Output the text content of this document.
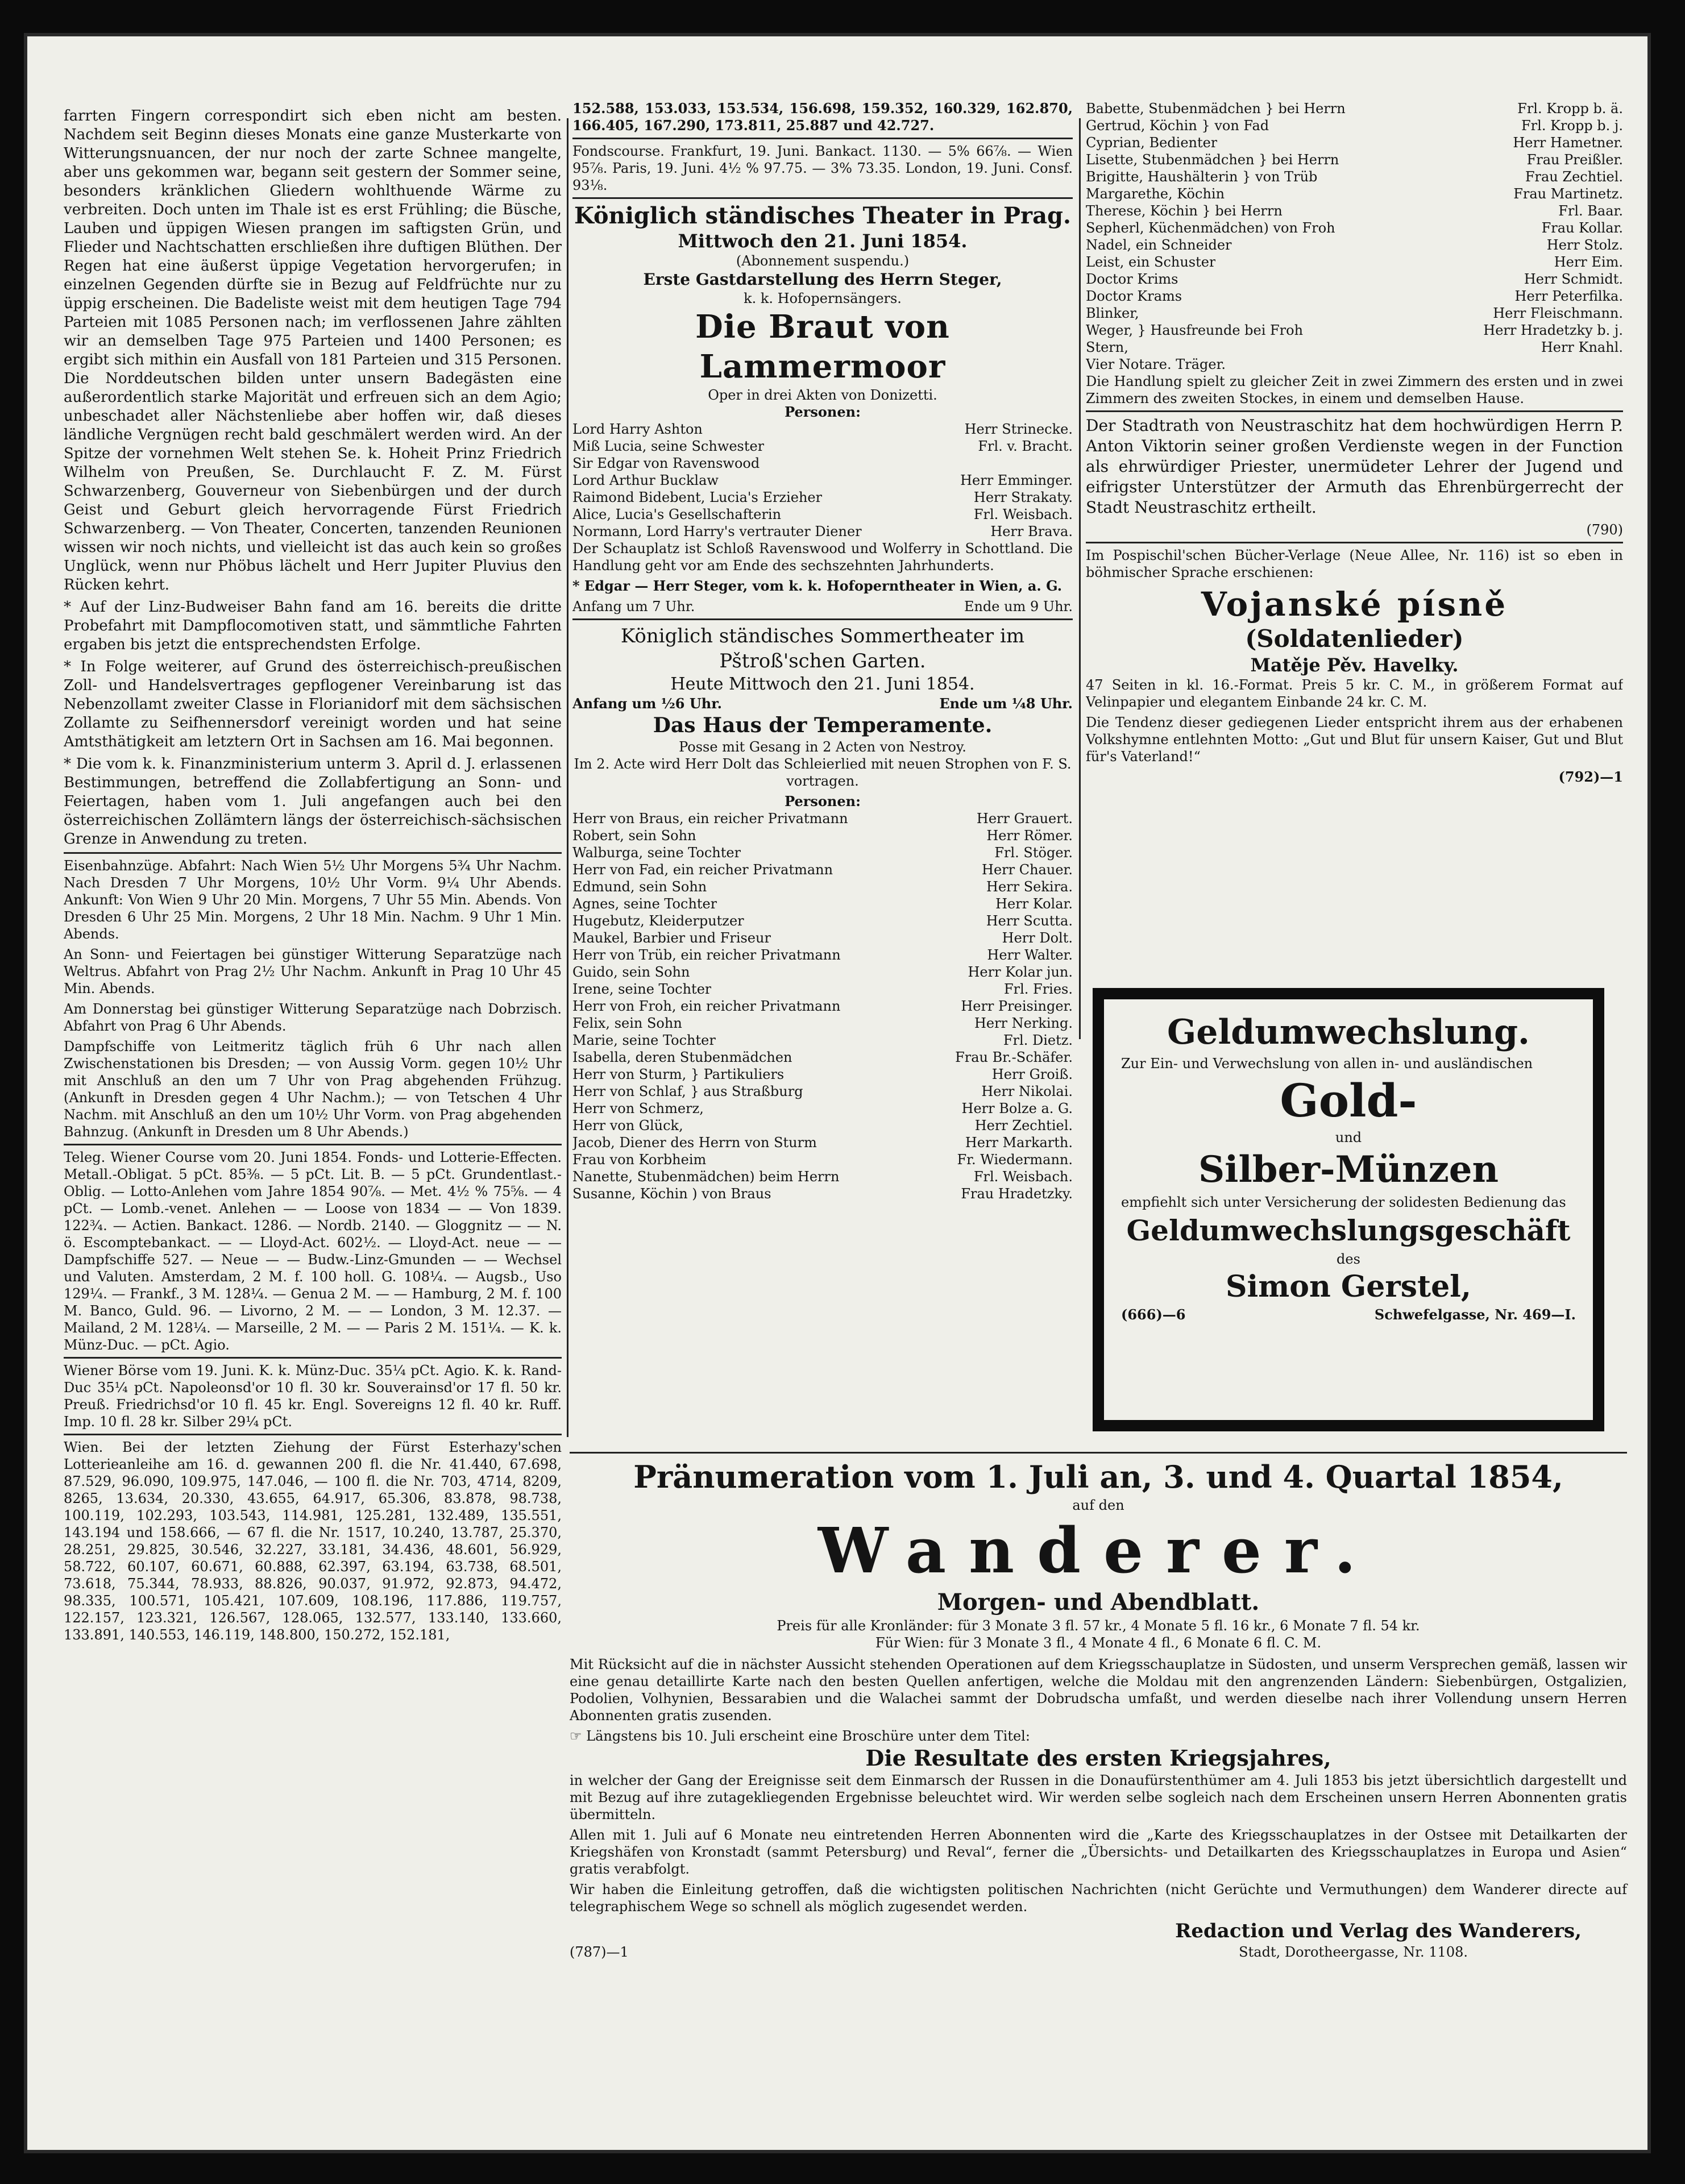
farrten Fingern correspondirt sich eben nicht am besten. Nachdem seit Beginn dieses Monats eine ganze Musterkarte von Witterungsnuancen, der nur noch der zarte Schnee mangelte, aber uns gekommen war, begann seit gestern der Sommer seine, besonders kränklichen Gliedern wohlthuende Wärme zu verbreiten. Doch unten im Thale ist es erst Frühling; die Büsche, Lauben und üppigen Wiesen prangen im saftigsten Grün, und Flieder und Nachtschatten erschließen ihre duftigen Blüthen. Der Regen hat eine äußerst üppige Vegetation hervorgerufen; in einzelnen Gegenden dürfte sie in Bezug auf Feldfrüchte nur zu üppig erscheinen. Die Badeliste weist mit dem heutigen Tage 794 Parteien mit 1085 Personen nach; im verflossenen Jahre zählten wir an demselben Tage 975 Parteien und 1400 Personen; es ergibt sich mithin ein Ausfall von 181 Parteien und 315 Personen. Die Norddeutschen bilden unter unsern Badegästen eine außerordentlich starke Majorität und erfreuen sich an dem Agio; unbeschadet aller Nächstenliebe aber hoffen wir, daß dieses ländliche Vergnügen recht bald geschmälert werden wird. An der Spitze der vornehmen Welt stehen Se. k. Hoheit Prinz Friedrich Wilhelm von Preußen, Se. Durchlaucht F. Z. M. Fürst Schwarzenberg, Gouverneur von Siebenbürgen und der durch Geist und Geburt gleich hervorragende Fürst Friedrich Schwarzenberg. — Von Theater, Concerten, tanzenden Reunionen wissen wir noch nichts, und vielleicht ist das auch kein so großes Unglück, wenn nur Phöbus lächelt und Herr Jupiter Pluvius den Rücken kehrt.

* Auf der Linz-Budweiser Bahn fand am 16. bereits die dritte Probefahrt mit Dampflocomotiven statt, und sämmtliche Fahrten ergaben bis jetzt die entsprechendsten Erfolge.

* In Folge weiterer, auf Grund des österreichisch-preußischen Zoll- und Handelsvertrages gepflogener Vereinbarung ist das Nebenzollamt zweiter Classe in Florianidorf mit dem sächsischen Zollamte zu Seifhennersdorf vereinigt worden und hat seine Amtsthätigkeit am letztern Ort in Sachsen am 16. Mai begonnen.

* Die vom k. k. Finanzministerium unterm 3. April d. J. erlassenen Bestimmungen, betreffend die Zollabfertigung an Sonn- und Feiertagen, haben vom 1. Juli angefangen auch bei den österreichischen Zollämtern längs der österreichisch-sächsischen Grenze in Anwendung zu treten.

Eisenbahnzüge. Abfahrt: Nach Wien 5½ Uhr Morgens 5¾ Uhr Nachm. Nach Dresden 7 Uhr Morgens, 10½ Uhr Vorm. 9¼ Uhr Abends. Ankunft: Von Wien 9 Uhr 20 Min. Morgens, 7 Uhr 55 Min. Abends. Von Dresden 6 Uhr 25 Min. Morgens, 2 Uhr 18 Min. Nachm. 9 Uhr 1 Min. Abends.

An Sonn- und Feiertagen bei günstiger Witterung Separatzüge nach Weltrus. Abfahrt von Prag 2½ Uhr Nachm. Ankunft in Prag 10 Uhr 45 Min. Abends.

Am Donnerstag bei günstiger Witterung Separatzüge nach Dobrzisch. Abfahrt von Prag 6 Uhr Abends.

Dampfschiffe von Leitmeritz täglich früh 6 Uhr nach allen Zwischenstationen bis Dresden; — von Aussig Vorm. gegen 10½ Uhr mit Anschluß an den um 7 Uhr von Prag abgehenden Frühzug. (Ankunft in Dresden gegen 4 Uhr Nachm.); — von Tetschen 4 Uhr Nachm. mit Anschluß an den um 10½ Uhr Vorm. von Prag abgehenden Bahnzug. (Ankunft in Dresden um 8 Uhr Abends.)

Teleg. Wiener Course vom 20. Juni 1854. Fonds- und Lotterie-Effecten. Metall.-Obligat. 5 pCt. 85⅜. — 5 pCt. Lit. B. — 5 pCt. Grundentlast.-Oblig. — Lotto-Anlehen vom Jahre 1854 90⅞. — Met. 4½ % 75⅝. — 4 pCt. — Lomb.-venet. Anlehen — — Loose von 1834 — — Von 1839. 122¾. — Actien. Bankact. 1286. — Nordb. 2140. — Gloggnitz — — N. ö. Escomptebankact. — — Lloyd-Act. 602½. — Lloyd-Act. neue — — Dampfschiffe 527. — Neue — — Budw.-Linz-Gmunden — — Wechsel und Valuten. Amsterdam, 2 M. f. 100 holl. G. 108¼. — Augsb., Uso 129¼. — Frankf., 3 M. 128¼. — Genua 2 M. — — Hamburg, 2 M. f. 100 M. Banco, Guld. 96. — Livorno, 2 M. — — London, 3 M. 12.37. — Mailand, 2 M. 128¼. — Marseille, 2 M. — — Paris 2 M. 151¼. — K. k. Münz-Duc. — pCt. Agio.

Wiener Börse vom 19. Juni. K. k. Münz-Duc. 35¼ pCt. Agio. K. k. Rand-Duc 35¼ pCt. Napoleonsd'or 10 fl. 30 kr. Souverainsd'or 17 fl. 50 kr. Preuß. Friedrichsd'or 10 fl. 45 kr. Engl. Sovereigns 12 fl. 40 kr. Ruff. Imp. 10 fl. 28 kr. Silber 29¼ pCt.

Wien. Bei der letzten Ziehung der Fürst Esterhazy'schen Lotterieanleihe am 16. d. gewannen 200 fl. die Nr. 41.440, 67.698, 87.529, 96.090, 109.975, 147.046, — 100 fl. die Nr. 703, 4714, 8209, 8265, 13.634, 20.330, 43.655, 64.917, 65.306, 83.878, 98.738, 100.119, 102.293, 103.543, 114.981, 125.281, 132.489, 135.551, 143.194 und 158.666, — 67 fl. die Nr. 1517, 10.240, 13.787, 25.370, 28.251, 29.825, 30.546, 32.227, 33.181, 34.436, 48.601, 56.929, 58.722, 60.107, 60.671, 60.888, 62.397, 63.194, 63.738, 68.501, 73.618, 75.344, 78.933, 88.826, 90.037, 91.972, 92.873, 94.472, 98.335, 100.571, 105.421, 107.609, 108.196, 117.886, 119.757, 122.157, 123.321, 126.567, 128.065, 132.577, 133.140, 133.660, 133.891, 140.553, 146.119, 148.800, 150.272, 152.181,

152.588, 153.033, 153.534, 156.698, 159.352, 160.329, 162.870, 166.405, 167.290, 173.811, 25.887 und 42.727.

Fondscourse. Frankfurt, 19. Juni. Bankact. 1130. — 5% 66⅞. — Wien 95⅞. Paris, 19. Juni. 4½ % 97.75. — 3% 73.35. London, 19. Juni. Consf. 93⅛.

Königlich ständisches Theater in Prag.
Mittwoch den 21. Juni 1854.
(Abonnement suspendu.)
Erste Gastdarstellung des Herrn Steger,
k. k. Hofopernsängers.
Die Braut von Lammermoor
Oper in drei Akten von Donizetti.
Personen:
Lord Harry Ashton	Herr Strinecke.
Miß Lucia, seine Schwester	Frl. v. Bracht.
Sir Edgar von Ravenswood
Lord Arthur Bucklaw	Herr Emminger.
Raimond Bidebent, Lucia's Erzieher	Herr Strakaty.
Alice, Lucia's Gesellschafterin	Frl. Weisbach.
Normann, Lord Harry's vertrauter Diener	Herr Brava.

Der Schauplatz ist Schloß Ravenswood und Wolferry in Schottland. Die Handlung geht vor am Ende des sechszehnten Jahrhunderts.

* Edgar — Herr Steger, vom k. k. Hofoperntheater in Wien, a. G.

Anfang um 7 Uhr.	Ende um 9 Uhr.
Königlich ständisches Sommertheater im Pštroß'schen Garten.
Heute Mittwoch den 21. Juni 1854.
Anfang um ½6 Uhr.	Ende um ¼8 Uhr.
Das Haus der Temperamente.
Posse mit Gesang in 2 Acten von Nestroy.

Im 2. Acte wird Herr Dolt das Schleierlied mit neuen Strophen von F. S. vortragen.

Personen:
Herr von Braus, ein reicher Privatmann	Herr Grauert.
Robert, sein Sohn	Herr Römer.
Walburga, seine Tochter	Frl. Stöger.
Herr von Fad, ein reicher Privatmann	Herr Chauer.
Edmund, sein Sohn	Herr Sekira.
Agnes, seine Tochter	Herr Kolar.
Hugebutz, Kleiderputzer	Herr Scutta.
Maukel, Barbier und Friseur	Herr Dolt.
Herr von Trüb, ein reicher Privatmann	Herr Walter.
Guido, sein Sohn	Herr Kolar jun.
Irene, seine Tochter	Frl. Fries.
Herr von Froh, ein reicher Privatmann	Herr Preisinger.
Felix, sein Sohn	Herr Nerking.
Marie, seine Tochter	Frl. Dietz.
Isabella, deren Stubenmädchen	Frau Br.-Schäfer.
Herr von Sturm, } Partikuliers	Herr Groiß.
Herr von Schlaf, } aus Straßburg	Herr Nikolai.
Herr von Schmerz,	Herr Bolze a. G.
Herr von Glück,	Herr Zechtiel.
Jacob, Diener des Herrn von Sturm	Herr Markarth.
Frau von Korbheim	Fr. Wiedermann.
Nanette, Stubenmädchen) beim Herrn	Frl. Weisbach.
Susanne, Köchin ) von Braus	Frau Hradetzky.
Babette, Stubenmädchen } bei Herrn	Frl. Kropp b. ä.
Gertrud, Köchin } von Fad	Frl. Kropp b. j.
Cyprian, Bedienter	Herr Hametner.
Lisette, Stubenmädchen } bei Herrn	Frau Preißler.
Brigitte, Haushälterin } von Trüb	Frau Zechtiel.
Margarethe, Köchin	Frau Martinetz.
Therese, Köchin } bei Herrn	Frl. Baar.
Sepherl, Küchenmädchen) von Froh	Frau Kollar.
Nadel, ein Schneider	Herr Stolz.
Leist, ein Schuster	Herr Eim.
Doctor Krims	Herr Schmidt.
Doctor Krams	Herr Peterfilka.
Blinker,	Herr Fleischmann.
Weger, } Hausfreunde bei Froh	Herr Hradetzky b. j.
Stern,	Herr Knahl.
Vier Notare. Träger.

Die Handlung spielt zu gleicher Zeit in zwei Zimmern des ersten und in zwei Zimmern des zweiten Stockes, in einem und demselben Hause.

Der Stadtrath von Neustraschitz hat dem hochwürdigen Herrn P. Anton Viktorin seiner großen Verdienste wegen in der Function als ehrwürdiger Priester, unermüdeter Lehrer der Jugend und eifrigster Unterstützer der Armuth das Ehrenbürgerrecht der Stadt Neustraschitz ertheilt.

(790)

Im Pospischil'schen Bücher-Verlage (Neue Allee, Nr. 116) ist so eben in böhmischer Sprache erschienen:

Vojanské písně
(Soldatenlieder)
Matěje Pěv. Havelky.

47 Seiten in kl. 16.-Format. Preis 5 kr. C. M., in größerem Format auf Velinpapier und elegantem Einbande 24 kr. C. M.

Die Tendenz dieser gediegenen Lieder entspricht ihrem aus der erhabenen Volkshymne entlehnten Motto: „Gut und Blut für unsern Kaiser, Gut und Blut für's Vaterland!“

(792)—1
Geldumwechslung.
Zur Ein- und Verwechslung von allen in- und ausländischen
Gold-
und
Silber-Münzen
empfiehlt sich unter Versicherung der solidesten Bedienung das
Geldumwechslungsgeschäft
des
Simon Gerstel,
(666)—6	Schwefelgasse, Nr. 469—I.
Pränumeration vom 1. Juli an, 3. und 4. Quartal 1854,
auf den
Wanderer.
Morgen- und Abendblatt.
Preis für alle Kronländer: für 3 Monate 3 fl. 57 kr., 4 Monate 5 fl. 16 kr., 6 Monate 7 fl. 54 kr.
Für Wien: für 3 Monate 3 fl., 4 Monate 4 fl., 6 Monate 6 fl. C. M.

Mit Rücksicht auf die in nächster Aussicht stehenden Operationen auf dem Kriegsschauplatze in Südosten, und unserm Versprechen gemäß, lassen wir eine genau detaillirte Karte nach den besten Quellen anfertigen, welche die Moldau mit den angrenzenden Ländern: Siebenbürgen, Ostgalizien, Podolien, Volhynien, Bessarabien und die Walachei sammt der Dobrudscha umfaßt, und werden dieselbe nach ihrer Vollendung unsern Herren Abonnenten gratis zusenden.

☞ Längstens bis 10. Juli erscheint eine Broschüre unter dem Titel:
Die Resultate des ersten Kriegsjahres,

in welcher der Gang der Ereignisse seit dem Einmarsch der Russen in die Donaufürstenthümer am 4. Juli 1853 bis jetzt übersichtlich dargestellt und mit Bezug auf ihre zutagekliegenden Ergebnisse beleuchtet wird. Wir werden selbe sogleich nach dem Erscheinen unsern Herren Abonnenten gratis übermitteln.

Allen mit 1. Juli auf 6 Monate neu eintretenden Herren Abonnenten wird die „Karte des Kriegsschauplatzes in der Ostsee mit Detailkarten der Kriegshäfen von Kronstadt (sammt Petersburg) und Reval“, ferner die „Übersichts- und Detailkarten des Kriegsschauplatzes in Europa und Asien“ gratis verabfolgt.

Wir haben die Einleitung getroffen, daß die wichtigsten politischen Nachrichten (nicht Gerüchte und Vermuthungen) dem Wanderer directe auf telegraphischem Wege so schnell als möglich zugesendet werden.

Redaction und Verlag des Wanderers,
(787)—1	Stadt, Dorotheergasse, Nr. 1108.
